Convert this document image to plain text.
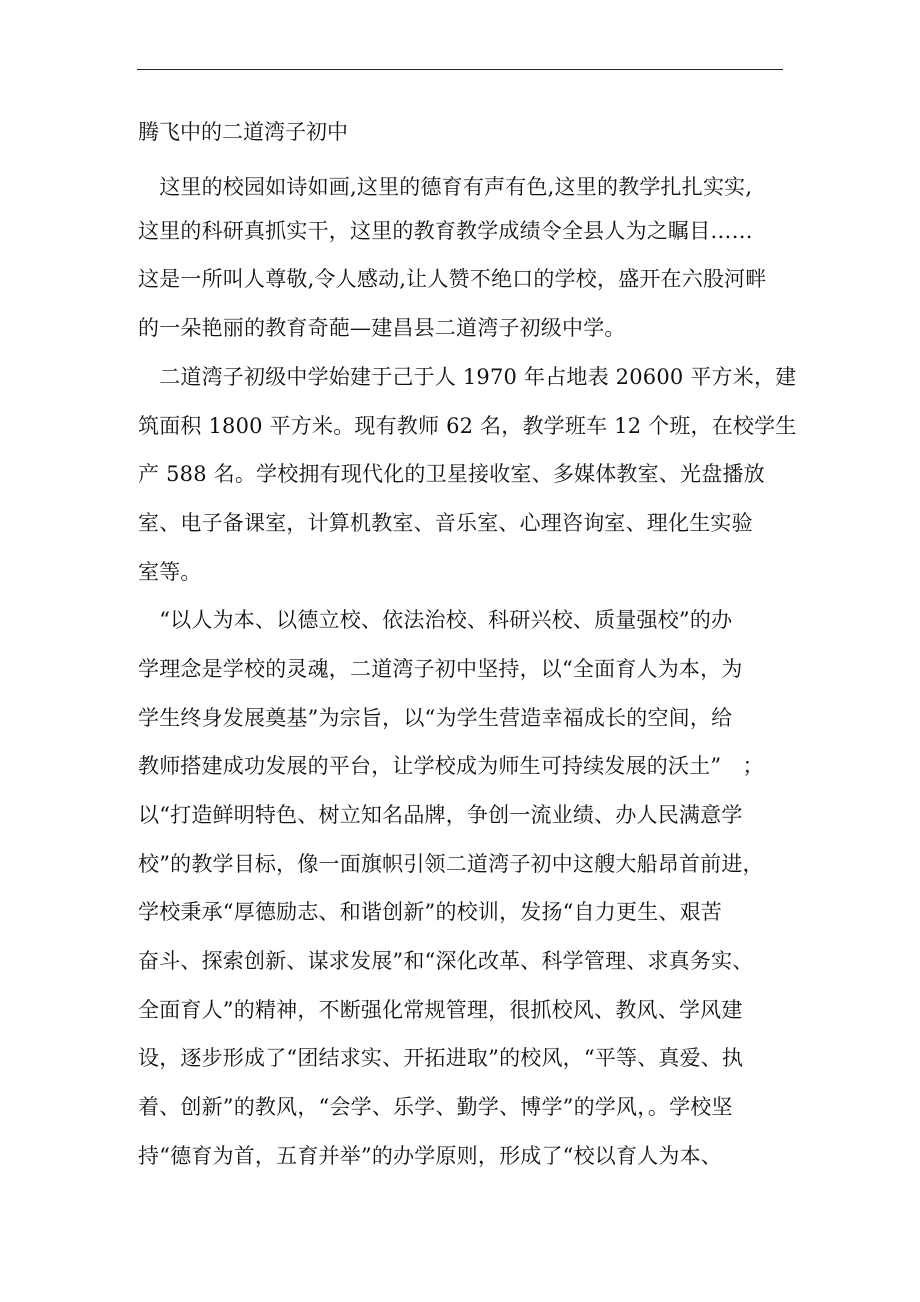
腾飞中的二道湾子初中
　这里的校园如诗如画,这里的德育有声有色,这里的教学扎扎实实,
这里的科研真抓实干，这里的教育教学成绩令全县人为之瞩目……
这是一所叫人尊敬,令人感动,让人赞不绝口的学校，盛开在六股河畔
的一朵艳丽的教育奇葩—建昌县二道湾子初级中学。
　二道湾子初级中学始建于己于人 1970 年占地表 20600 平方米，建
筑面积 1800 平方米。现有教师 62 名，教学班车 12 个班，在校学生
产 588 名。学校拥有现代化的卫星接收室、多媒体教室、光盘播放
室、电子备课室，计算机教室、音乐室、心理咨询室、理化生实验
室等。
　“以人为本、以德立校、依法治校、科研兴校、质量强校”的办
学理念是学校的灵魂，二道湾子初中坚持，以“全面育人为本，为
学生终身发展奠基”为宗旨，以“为学生营造幸福成长的空间，给
教师搭建成功发展的平台，让学校成为师生可持续发展的沃土”　；
以“打造鲜明特色、树立知名品牌，争创一流业绩、办人民满意学
校”的教学目标，像一面旗帜引领二道湾子初中这艘大船昂首前进，
学校秉承“厚德励志、和谐创新”的校训，发扬“自力更生、艰苦
奋斗、探索创新、谋求发展”和“深化改革、科学管理、求真务实、
全面育人”的精神，不断强化常规管理，很抓校风、教风、学风建
设，逐步形成了“团结求实、开拓进取”的校风，“平等、真爱、执
着、创新”的教风，“会学、乐学、勤学、博学”的学风，。学校坚
持“德育为首，五育并举”的办学原则，形成了“校以育人为本、
